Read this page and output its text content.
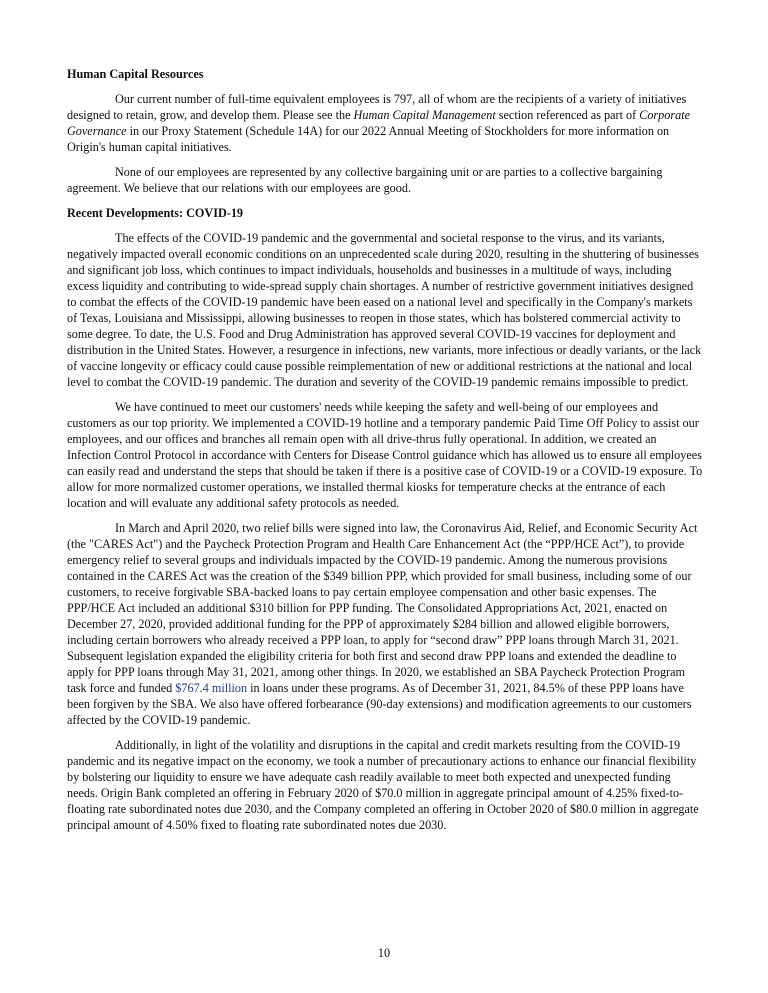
Human Capital Resources

Our current number of full-time equivalent employees is 797, all of whom are the recipients of a variety of initiatives designed to retain, grow, and develop them. Please see the Human Capital Management section referenced as part of Corporate Governance in our Proxy Statement (Schedule 14A) for our 2022 Annual Meeting of Stockholders for more information on Origin's human capital initiatives.

None of our employees are represented by any collective bargaining unit or are parties to a collective bargaining agreement. We believe that our relations with our employees are good.

Recent Developments: COVID-19

The effects of the COVID-19 pandemic and the governmental and societal response to the virus, and its variants, negatively impacted overall economic conditions on an unprecedented scale during 2020, resulting in the shuttering of businesses and significant job loss, which continues to impact individuals, households and businesses in a multitude of ways, including excess liquidity and contributing to wide-spread supply chain shortages. A number of restrictive government initiatives designed to combat the effects of the COVID-19 pandemic have been eased on a national level and specifically in the Company's markets of Texas, Louisiana and Mississippi, allowing businesses to reopen in those states, which has bolstered commercial activity to some degree. To date, the U.S. Food and Drug Administration has approved several COVID-19 vaccines for deployment and distribution in the United States. However, a resurgence in infections, new variants, more infectious or deadly variants, or the lack of vaccine longevity or efficacy could cause possible reimplementation of new or additional restrictions at the national and local level to combat the COVID-19 pandemic. The duration and severity of the COVID-19 pandemic remains impossible to predict.

We have continued to meet our customers' needs while keeping the safety and well-being of our employees and customers as our top priority. We implemented a COVID-19 hotline and a temporary pandemic Paid Time Off Policy to assist our employees, and our offices and branches all remain open with all drive-thrus fully operational. In addition, we created an Infection Control Protocol in accordance with Centers for Disease Control guidance which has allowed us to ensure all employees can easily read and understand the steps that should be taken if there is a positive case of COVID-19 or a COVID-19 exposure. To allow for more normalized customer operations, we installed thermal kiosks for temperature checks at the entrance of each location and will evaluate any additional safety protocols as needed.

In March and April 2020, two relief bills were signed into law, the Coronavirus Aid, Relief, and Economic Security Act (the "CARES Act") and the Paycheck Protection Program and Health Care Enhancement Act (the “PPP/HCE Act”), to provide emergency relief to several groups and individuals impacted by the COVID-19 pandemic. Among the numerous provisions contained in the CARES Act was the creation of the $349 billion PPP, which provided for small business, including some of our customers, to receive forgivable SBA-backed loans to pay certain employee compensation and other basic expenses. The PPP/HCE Act included an additional $310 billion for PPP funding. The Consolidated Appropriations Act, 2021, enacted on December 27, 2020, provided additional funding for the PPP of approximately $284 billion and allowed eligible borrowers, including certain borrowers who already received a PPP loan, to apply for “second draw” PPP loans through March 31, 2021. Subsequent legislation expanded the eligibility criteria for both first and second draw PPP loans and extended the deadline to apply for PPP loans through May 31, 2021, among other things. In 2020, we established an SBA Paycheck Protection Program task force and funded $767.4 million in loans under these programs. As of December 31, 2021, 84.5% of these PPP loans have been forgiven by the SBA. We also have offered forbearance (90-day extensions) and modification agreements to our customers affected by the COVID-19 pandemic.

Additionally, in light of the volatility and disruptions in the capital and credit markets resulting from the COVID-19 pandemic and its negative impact on the economy, we took a number of precautionary actions to enhance our financial flexibility by bolstering our liquidity to ensure we have adequate cash readily available to meet both expected and unexpected funding needs. Origin Bank completed an offering in February 2020 of $70.0 million in aggregate principal amount of 4.25% fixed-to-floating rate subordinated notes due 2030, and the Company completed an offering in October 2020 of $80.0 million in aggregate principal amount of 4.50% fixed to floating rate subordinated notes due 2030.

10
